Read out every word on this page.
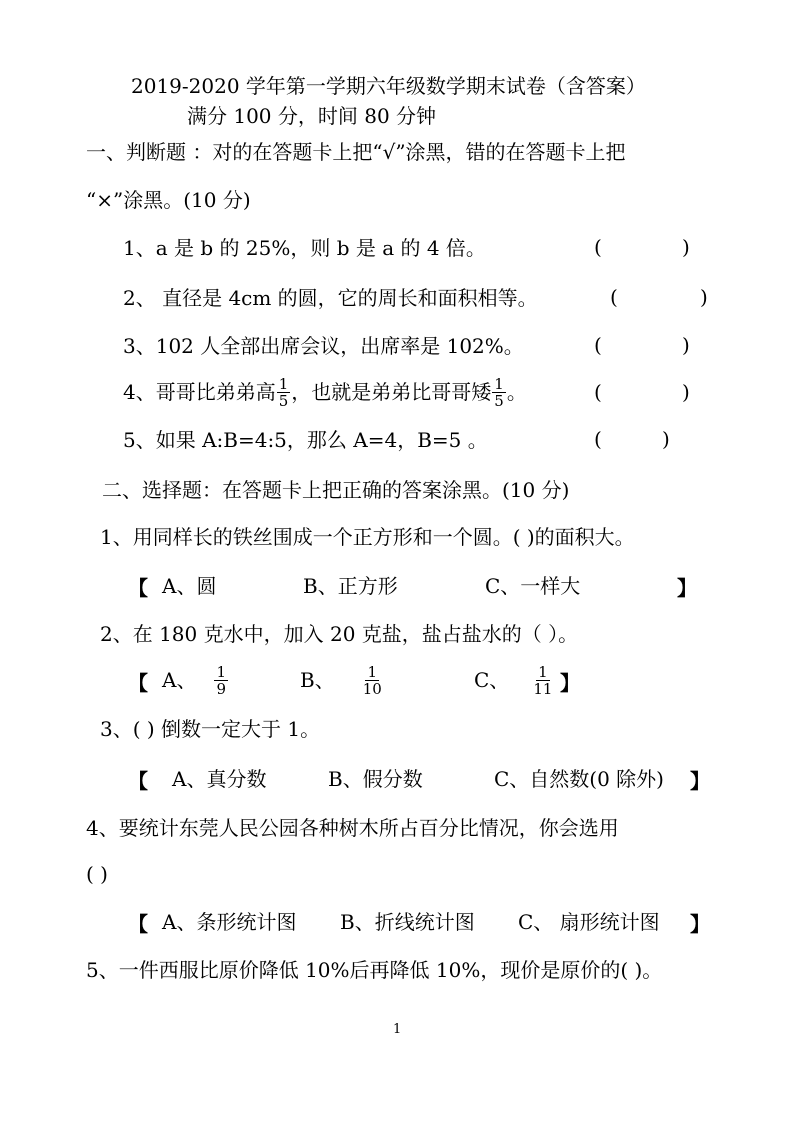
2019-2020 学年第一学期六年级数学期末试卷（含答案）
满分 100 分，时间 80 分钟
一、判断题 ：对的在答题卡上把“√”涂黑，错的在答题卡上把
“×”涂黑。(10 分)
1、a 是 b 的 25%，则 b 是 a 的 4 倍。	(	)
2、 直径是 4cm 的圆，它的周长和面积相等。	(	)
3、102 人全部出席会议，出席率是 102%。	(	)
4、哥哥比弟弟高 $\frac{1}{5}$ ，也就是弟弟比哥哥矮 $\frac{1}{5}$ 。	(	)
5、如果 A:B=4:5，那么 A=4，B=5 。	(	)
二、选择题：在答题卡上把正确的答案涂黑。(10 分)
1、用同样长的铁丝围成一个正方形和一个圆。( )的面积大。
【 A、圆	B、正方形	C、一样大	】
2、在 180 克水中，加入 20 克盐，盐占盐水的（ ）。
【 A、 $\frac{1}{9}$	B、 $\frac{1}{10}$	C、 $\frac{1}{11}$ 】
3、( ) 倒数一定大于 1。
【 A、真分数	B、假分数	C、自然数(0 除外) 】
4、要统计东莞人民公园各种树木所占百分比情况，你会选用
( )
【 A、条形统计图 B、折线统计图 C、 扇形统计图 】
5、一件西服比原价降低 10%后再降低 10%，现价是原价的( )。
1
